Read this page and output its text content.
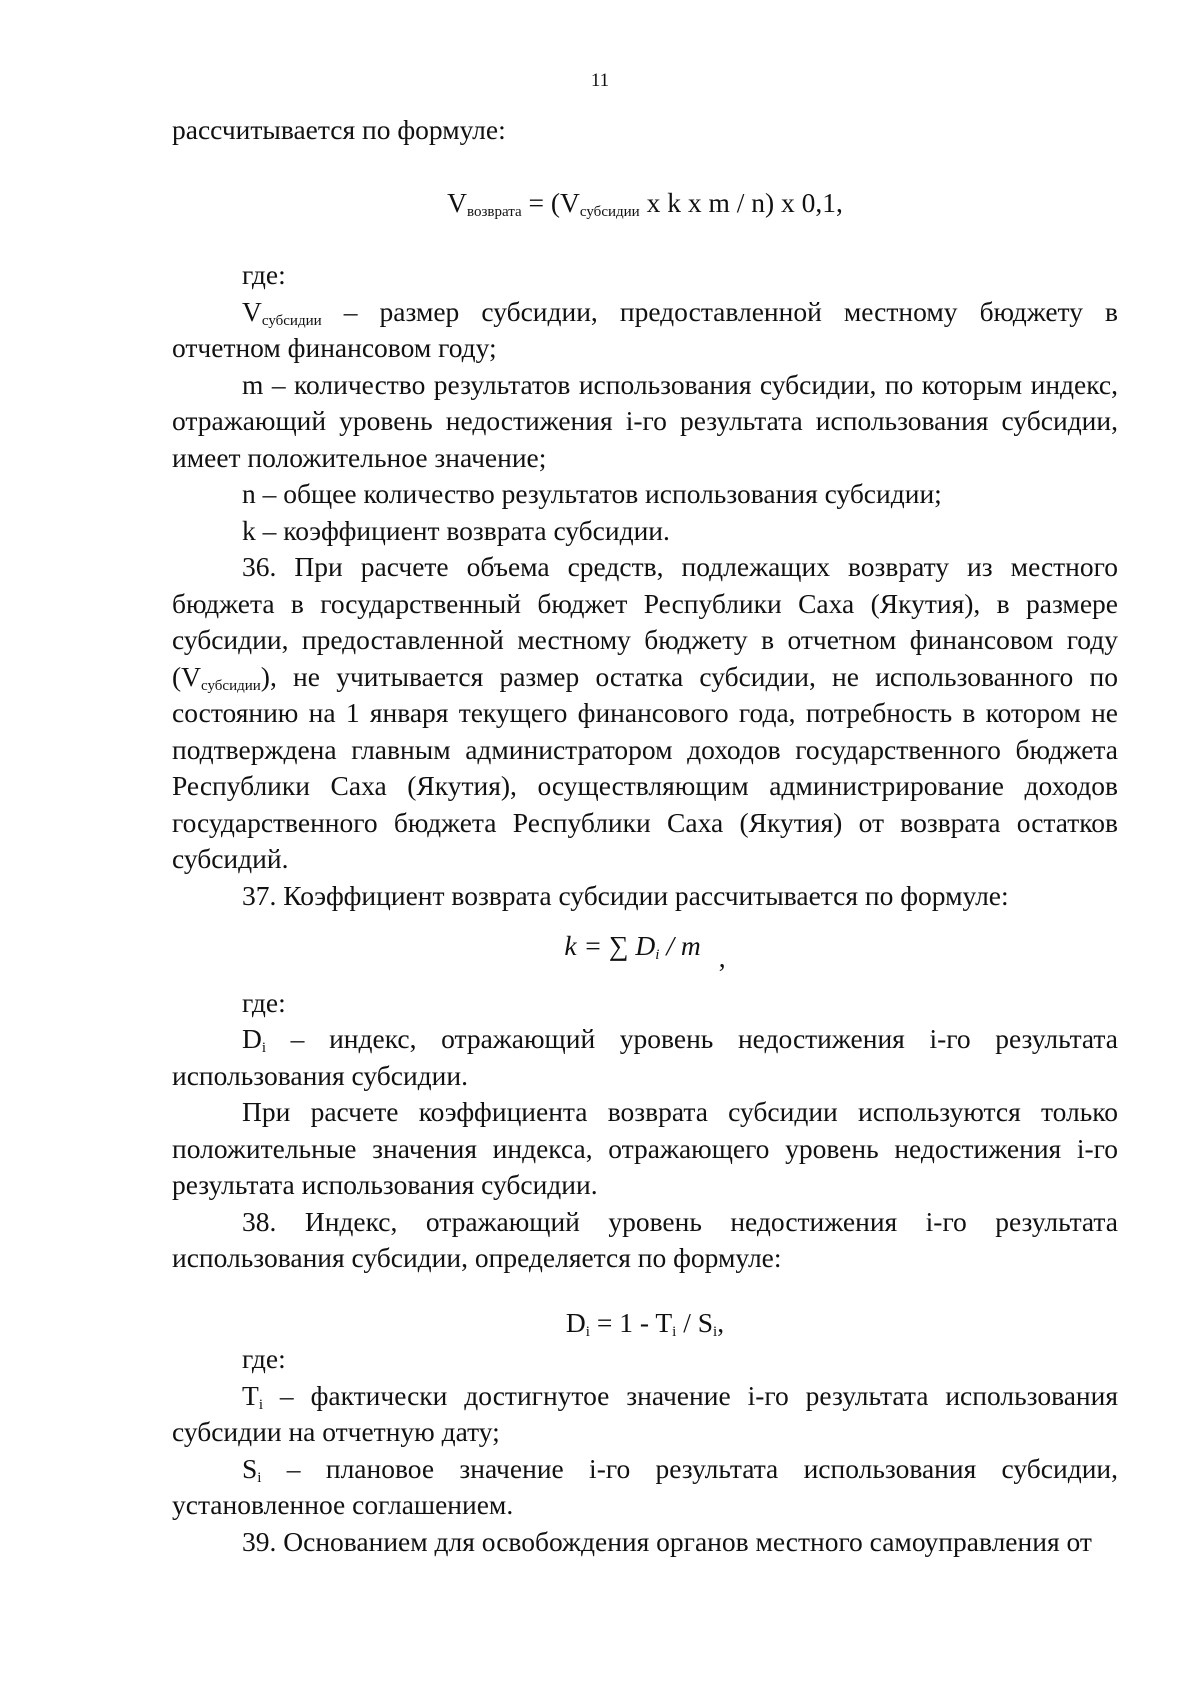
11

рассчитывается по формуле:

$V_{возврата} = (V_{субсидии}$ x k x m / n) x 0,1,

где:

$V_{субсидии}$ – размер субсидии, предоставленной местному бюджету в отчетном финансовом году;

m – количество результатов использования субсидии, по которым индекс, отражающий уровень недостижения i-го результата использования субсидии, имеет положительное значение;

n – общее количество результатов использования субсидии;

k – коэффициент возврата субсидии.

36. При расчете объема средств, подлежащих возврату из местного бюджета в государственный бюджет Республики Саха (Якутия), в размере субсидии, предоставленной местному бюджету в отчетном финансовом году $(V_{субсидии})$, не учитывается размер остатка субсидии, не использованного по состоянию на 1 января текущего финансового года, потребность в котором не подтверждена главным администратором доходов государственного бюджета Республики Саха (Якутия), осуществляющим администрирование доходов государственного бюджета Республики Саха (Якутия) от возврата остатков субсидий.

37. Коэффициент возврата субсидии рассчитывается по формуле:

k = ∑ $D_i$ / m ,

где:

$D_i$ – индекс, отражающий уровень недостижения i-го результата использования субсидии.

При расчете коэффициента возврата субсидии используются только положительные значения индекса, отражающего уровень недостижения i-го результата использования субсидии.

38. Индекс, отражающий уровень недостижения i-го результата использования субсидии, определяется по формуле:

$D_i = 1 - T_i / S_i$,

где:

$T_i$ – фактически достигнутое значение i-го результата использования субсидии на отчетную дату;

$S_i$ – плановое значение i-го результата использования субсидии, установленное соглашением.

39. Основанием для освобождения органов местного самоуправления от
